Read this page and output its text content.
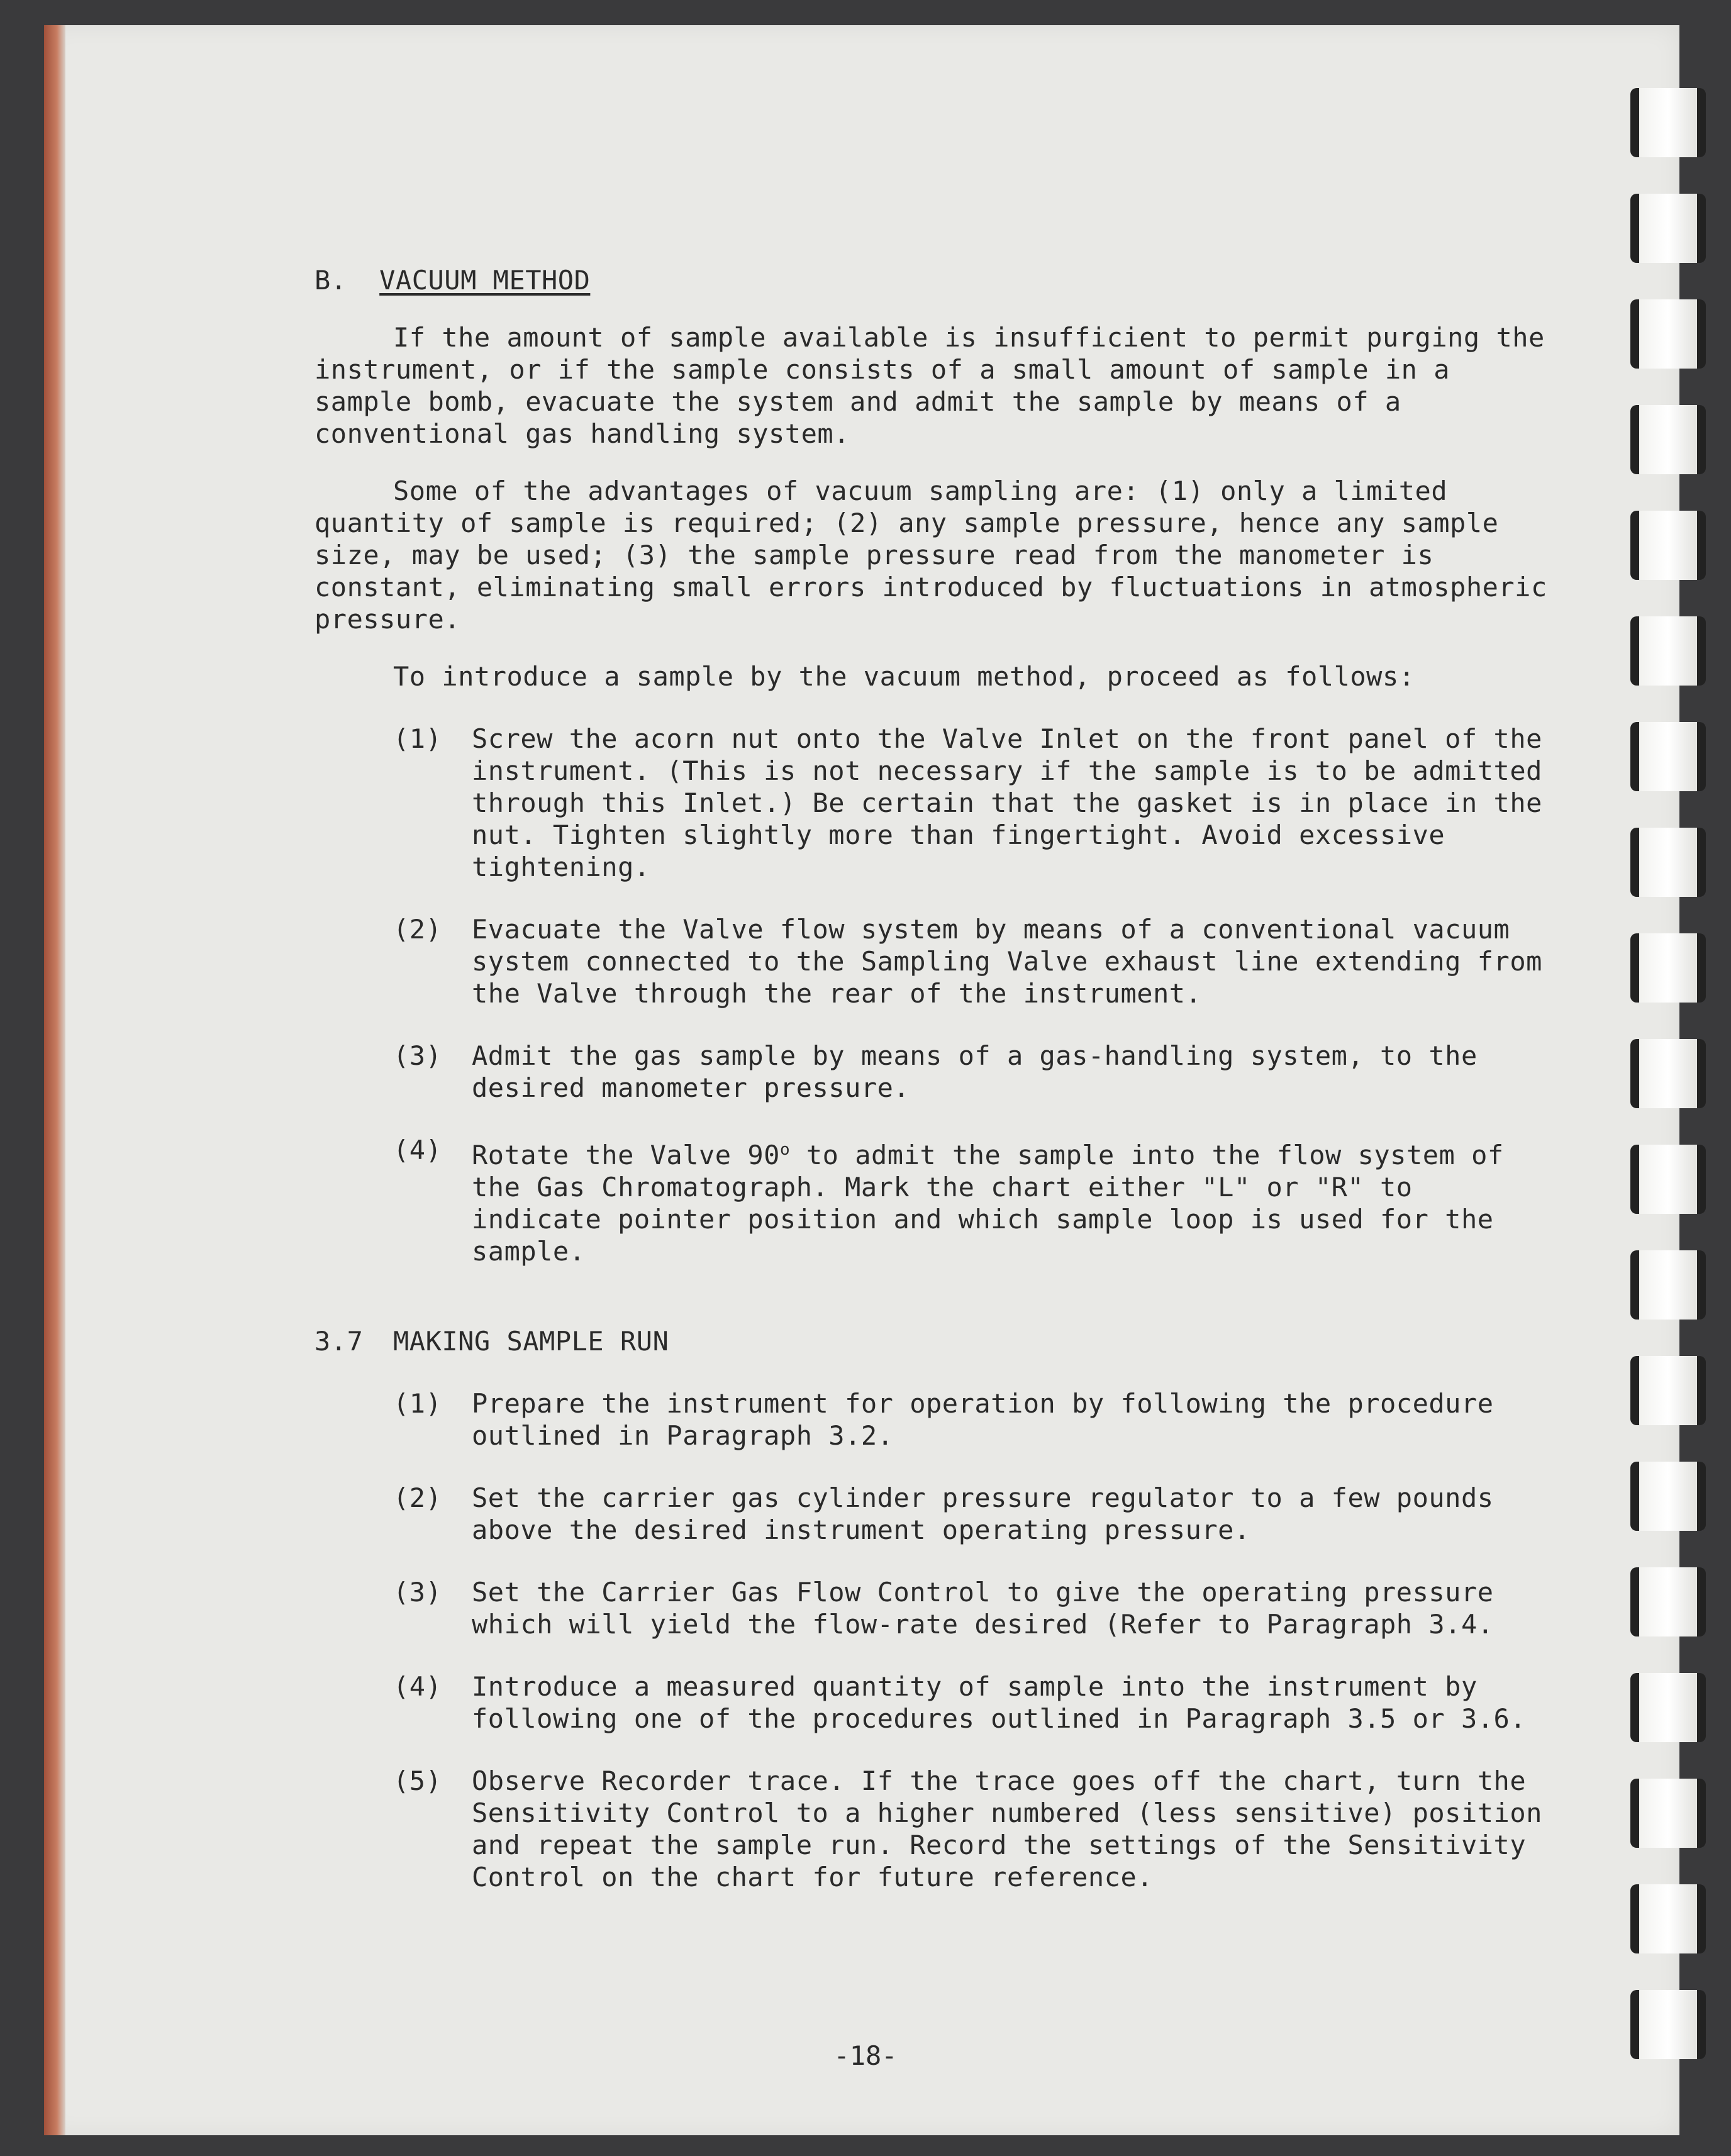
B. VACUUM METHOD
If the amount of sample available is insufficient to permit purging the instrument, or if the sample consists of a small amount of sample in a sample bomb, evacuate the system and admit the sample by means of a conventional gas handling system.
Some of the advantages of vacuum sampling are: (1) only a limited quantity of sample is required; (2) any sample pressure, hence any sample size, may be used; (3) the sample pressure read from the manometer is constant, eliminating small errors introduced by fluctuations in atmospheric pressure.
To introduce a sample by the vacuum method, proceed as follows:
(1)	Screw the acorn nut onto the Valve Inlet on the front panel of the instrument. (This is not necessary if the sample is to be admitted through this Inlet.) Be certain that the gasket is in place in the nut. Tighten slightly more than fingertight. Avoid excessive tightening.
(2)	Evacuate the Valve flow system by means of a conventional vacuum system connected to the Sampling Valve exhaust line extending from the Valve through the rear of the instrument.
(3)	Admit the gas sample by means of a gas-handling system, to the desired manometer pressure.
(4)	Rotate the Valve 90$^o$ to admit the sample into the flow system of the Gas Chromatograph. Mark the chart either "L" or "R" to indicate pointer position and which sample loop is used for the sample.
3.7	MAKING SAMPLE RUN
(1)	Prepare the instrument for operation by following the procedure outlined in Paragraph 3.2.
(2)	Set the carrier gas cylinder pressure regulator to a few pounds above the desired instrument operating pressure.
(3)	Set the Carrier Gas Flow Control to give the operating pressure which will yield the flow-rate desired (Refer to Paragraph 3.4.
(4)	Introduce a measured quantity of sample into the instrument by following one of the procedures outlined in Paragraph 3.5 or 3.6.
(5)	Observe Recorder trace. If the trace goes off the chart, turn the Sensitivity Control to a higher numbered (less sensitive) position and repeat the sample run. Record the settings of the Sensitivity Control on the chart for future reference.
-18-
